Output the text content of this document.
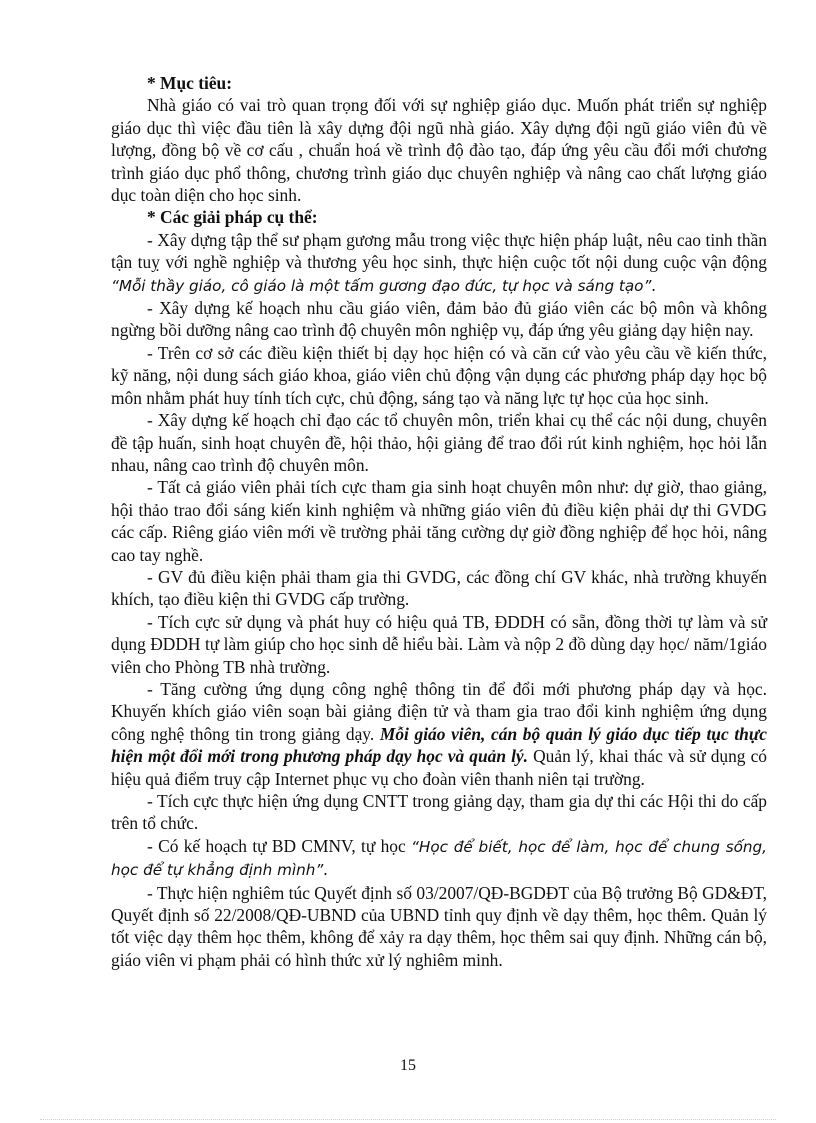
* Mục tiêu:

Nhà giáo có vai trò quan trọng đối với sự nghiệp giáo dục. Muốn phát triển sự nghiệp giáo dục thì việc đầu tiên là xây dựng đội ngũ nhà giáo. Xây dựng đội ngũ giáo viên đủ về lượng, đồng bộ về cơ cấu , chuẩn hoá về trình độ đào tạo, đáp ứng yêu cầu đổi mới chương trình giáo dục phổ thông, chương trình giáo dục chuyên nghiệp và nâng cao chất lượng giáo dục toàn diện cho học sinh.

* Các giải pháp cụ thể:

- Xây dựng tập thể sư phạm gương mẫu trong việc thực hiện pháp luật, nêu cao tinh thần tận tuỵ với nghề nghiệp và thương yêu học sinh, thực hiện cuộc tốt nội dung cuộc vận động “Mỗi thầy giáo, cô giáo là một tấm gương đạo đức, tự học và sáng tạo”.

- Xây dựng kế hoạch nhu cầu giáo viên, đảm bảo đủ giáo viên các bộ môn và không ngừng bồi dưỡng nâng cao trình độ chuyên môn nghiệp vụ, đáp ứng yêu giảng dạy hiện nay.

- Trên cơ sở các điều kiện thiết bị dạy học hiện có và căn cứ vào yêu cầu về kiến thức, kỹ năng, nội dung sách giáo khoa, giáo viên chủ động vận dụng các phương pháp dạy học bộ môn nhằm phát huy tính tích cực, chủ động, sáng tạo và năng lực tự học của học sinh.

- Xây dựng kế hoạch chỉ đạo các tổ chuyên môn, triển khai cụ thể các nội dung, chuyên đề tập huấn, sinh hoạt chuyên đề, hội thảo, hội giảng để trao đổi rút kinh nghiệm, học hỏi lẫn nhau, nâng cao trình độ chuyên môn.

- Tất cả giáo viên phải tích cực tham gia sinh hoạt chuyên môn như: dự giờ, thao giảng, hội thảo trao đổi sáng kiến kinh nghiệm và những giáo viên đủ điều kiện phải dự thi GVDG các cấp. Riêng giáo viên mới về trường phải tăng cường dự giờ đồng nghiệp để học hỏi, nâng cao tay nghề.

- GV đủ điều kiện phải tham gia thi GVDG, các đồng chí GV khác, nhà trường khuyến khích, tạo điều kiện thi GVDG cấp trường.

- Tích cực sử dụng và phát huy có hiệu quả TB, ĐDDH có sẵn, đồng thời tự làm và sử dụng ĐDDH tự làm giúp cho học sinh dễ hiểu bài. Làm và nộp 2 đồ dùng dạy học/ năm/1giáo viên cho Phòng TB nhà trường.

- Tăng cường ứng dụng công nghệ thông tin để đổi mới phương pháp dạy và học. Khuyến khích giáo viên soạn bài giảng điện tử và tham gia trao đổi kinh nghiệm ứng dụng công nghệ thông tin trong giảng dạy. Mỗi giáo viên, cán bộ quản lý giáo dục tiếp tục thực hiện một đổi mới trong phương pháp dạy học và quản lý. Quản lý, khai thác và sử dụng có hiệu quả điểm truy cập Internet phục vụ cho đoàn viên thanh niên tại trường.

- Tích cực thực hiện ứng dụng CNTT trong giảng dạy, tham gia dự thi các Hội thi do cấp trên tổ chức.

- Có kế hoạch tự BD CMNV, tự học “Học để biết, học để làm, học để chung sống, học để tự khẳng định mình”.

- Thực hiện nghiêm túc Quyết định số 03/2007/QĐ-BGDĐT của Bộ trưởng Bộ GD&ĐT, Quyết định số 22/2008/QĐ-UBND của UBND tỉnh quy định về dạy thêm, học thêm. Quản lý tốt việc dạy thêm học thêm, không để xảy ra dạy thêm, học thêm sai quy định. Những cán bộ, giáo viên vi phạm phải có hình thức xử lý nghiêm minh.

15
